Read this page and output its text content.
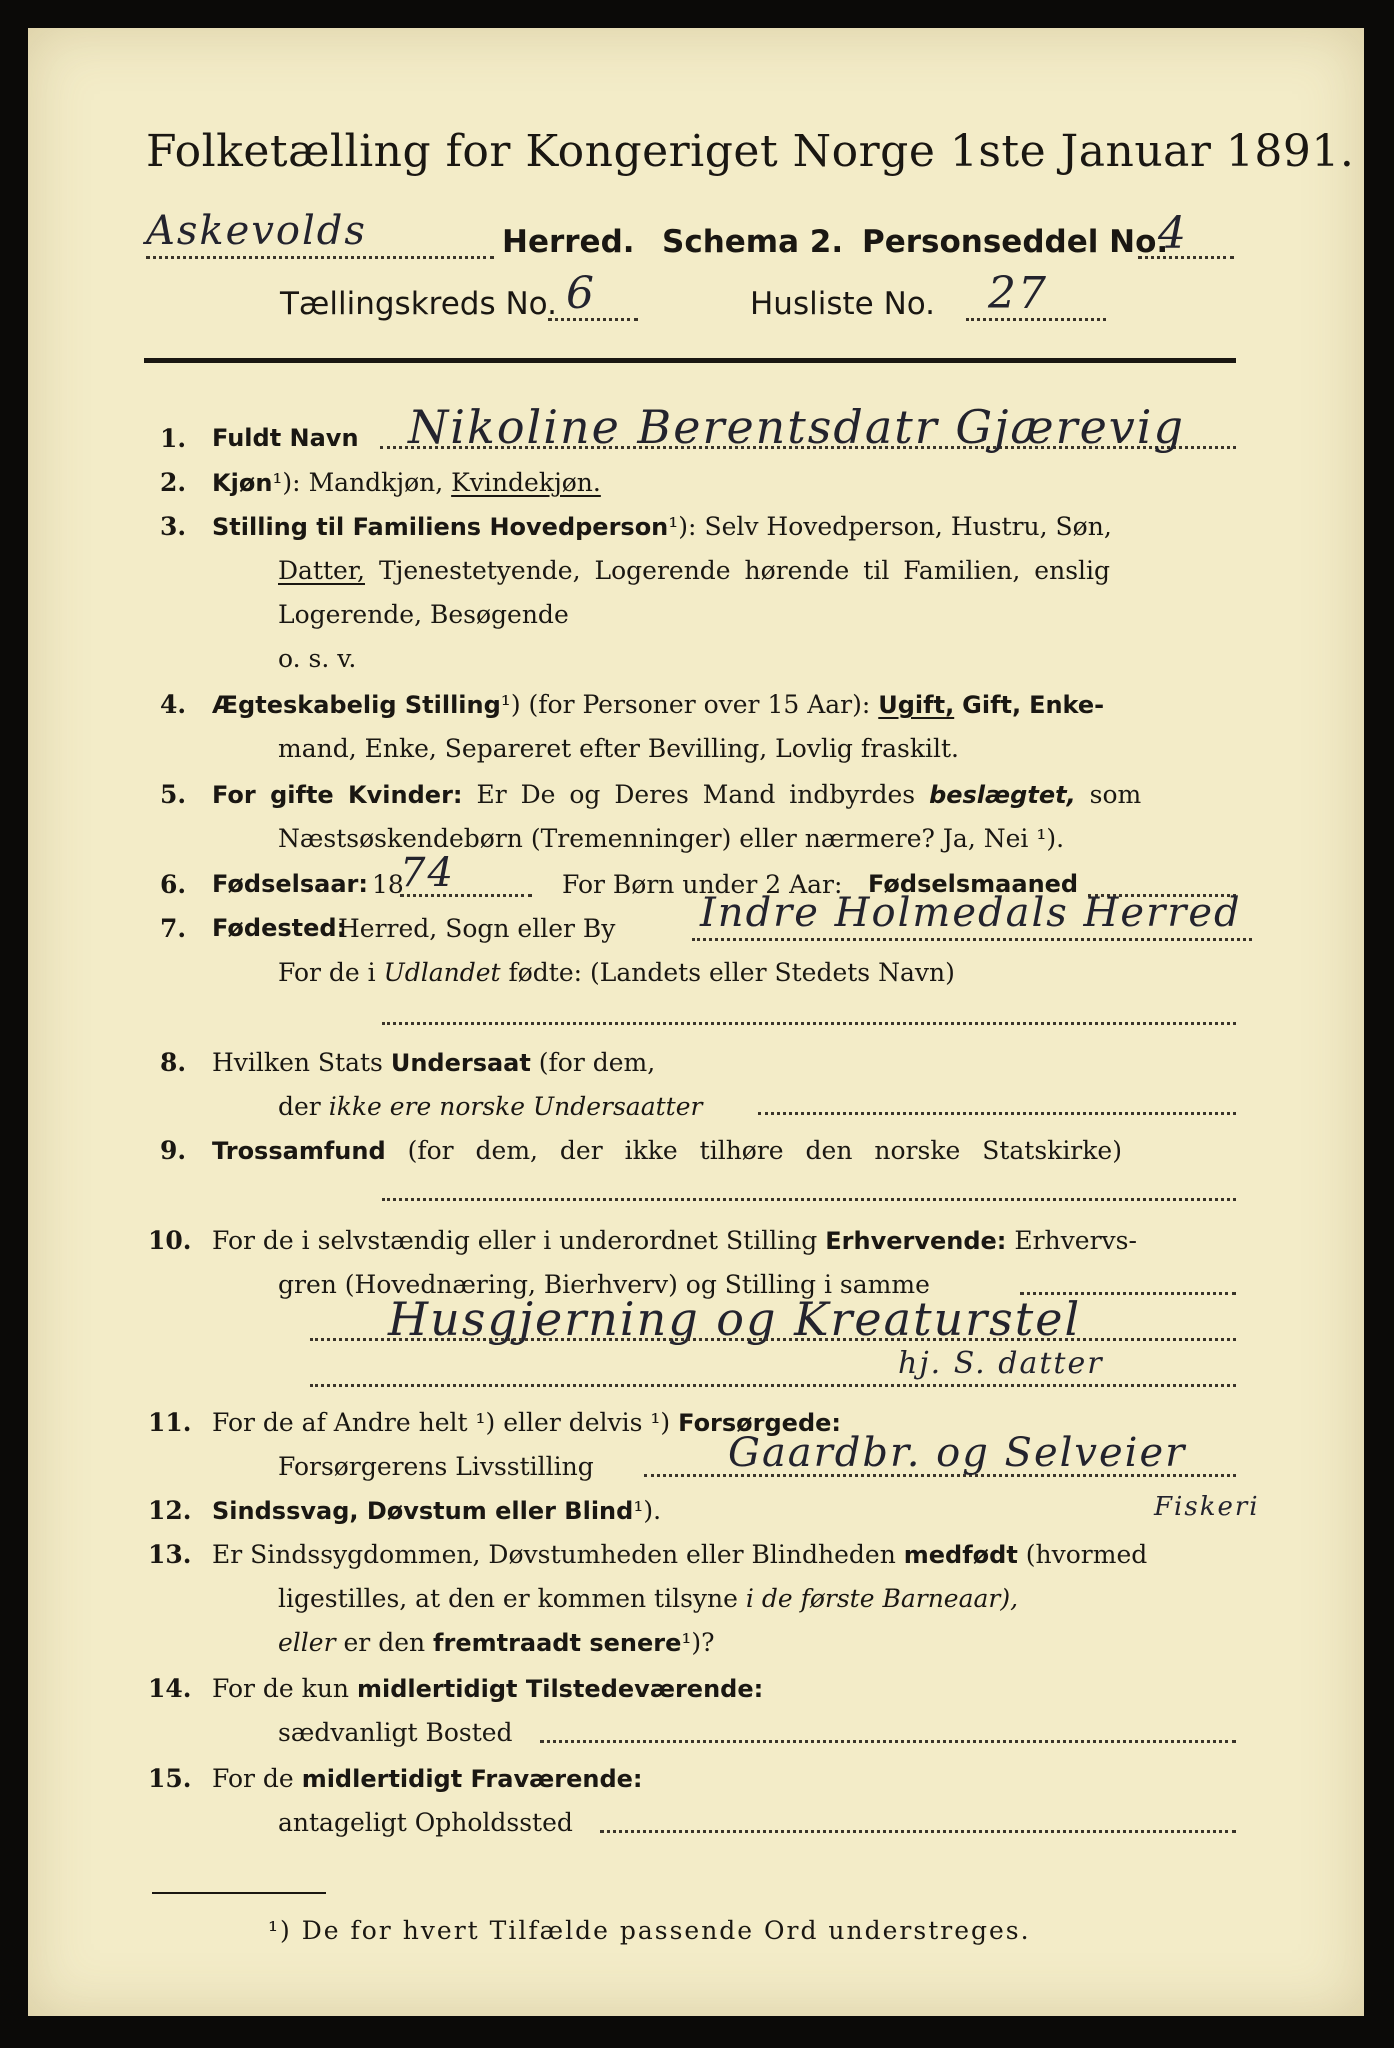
Folketælling for Kongeriget Norge 1ste Januar 1891.
Askevolds	Herred. Schema 2. Personseddel No.
4
Tællingskreds No. 6	Husliste No. 27
1. Fuldt Navn Nikoline Berentsdatr Gjærevig
2. Kjøn¹): Mandkjøn, Kvindekjøn.
3. Stilling til Familiens Hovedperson¹): Selv Hovedperson, Hustru, Søn,
Datter, Tjenestetyende, Logerende hørende til Familien, enslig
Logerende, Besøgende
o. s. v.
4. Ægteskabelig Stilling¹) (for Personer over 15 Aar): Ugift, Gift, Enke-
mand, Enke, Separeret efter Bevilling, Lovlig fraskilt.
5. For gifte Kvinder: Er De og Deres Mand indbyrdes beslægtet, som
Næstsøskendebørn (Tremenninger) eller nærmere? Ja, Nei ¹).
6. Fødselsaar: 18
74	For Børn under 2 Aar: Fødselsmaaned
7. Fødested:
Herred, Sogn eller By Indre Holmedals Herred
For de i Udlandet fødte: (Landets eller Stedets Navn)
8. Hvilken Stats Undersaat (for dem,
der ikke ere norske Undersaatter
9. Trossamfund (for dem, der ikke tilhøre den norske Statskirke)
10. For de i selvstændig eller i underordnet Stilling Erhvervende: Erhvervs-
gren (Hovednæring, Bierhverv) og Stilling i samme
Husgjerning og Kreaturstel
hj. S. datter
11. For de af Andre helt ¹) eller delvis ¹) Forsørgede:
Forsørgerens Livsstilling	Gaardbr. og Selveier
Fiskeri
12. Sindssvag, Døvstum eller Blind¹).
13. Er Sindssygdommen, Døvstumheden eller Blindheden medfødt (hvormed
ligestilles, at den er kommen tilsyne i de første Barneaar),
eller er den fremtraadt senere¹)?
14. For de kun midlertidigt Tilstedeværende:
sædvanligt Bosted
15. For de midlertidigt Fraværende:
antageligt Opholdssted
¹) De for hvert Tilfælde passende Ord understreges.
